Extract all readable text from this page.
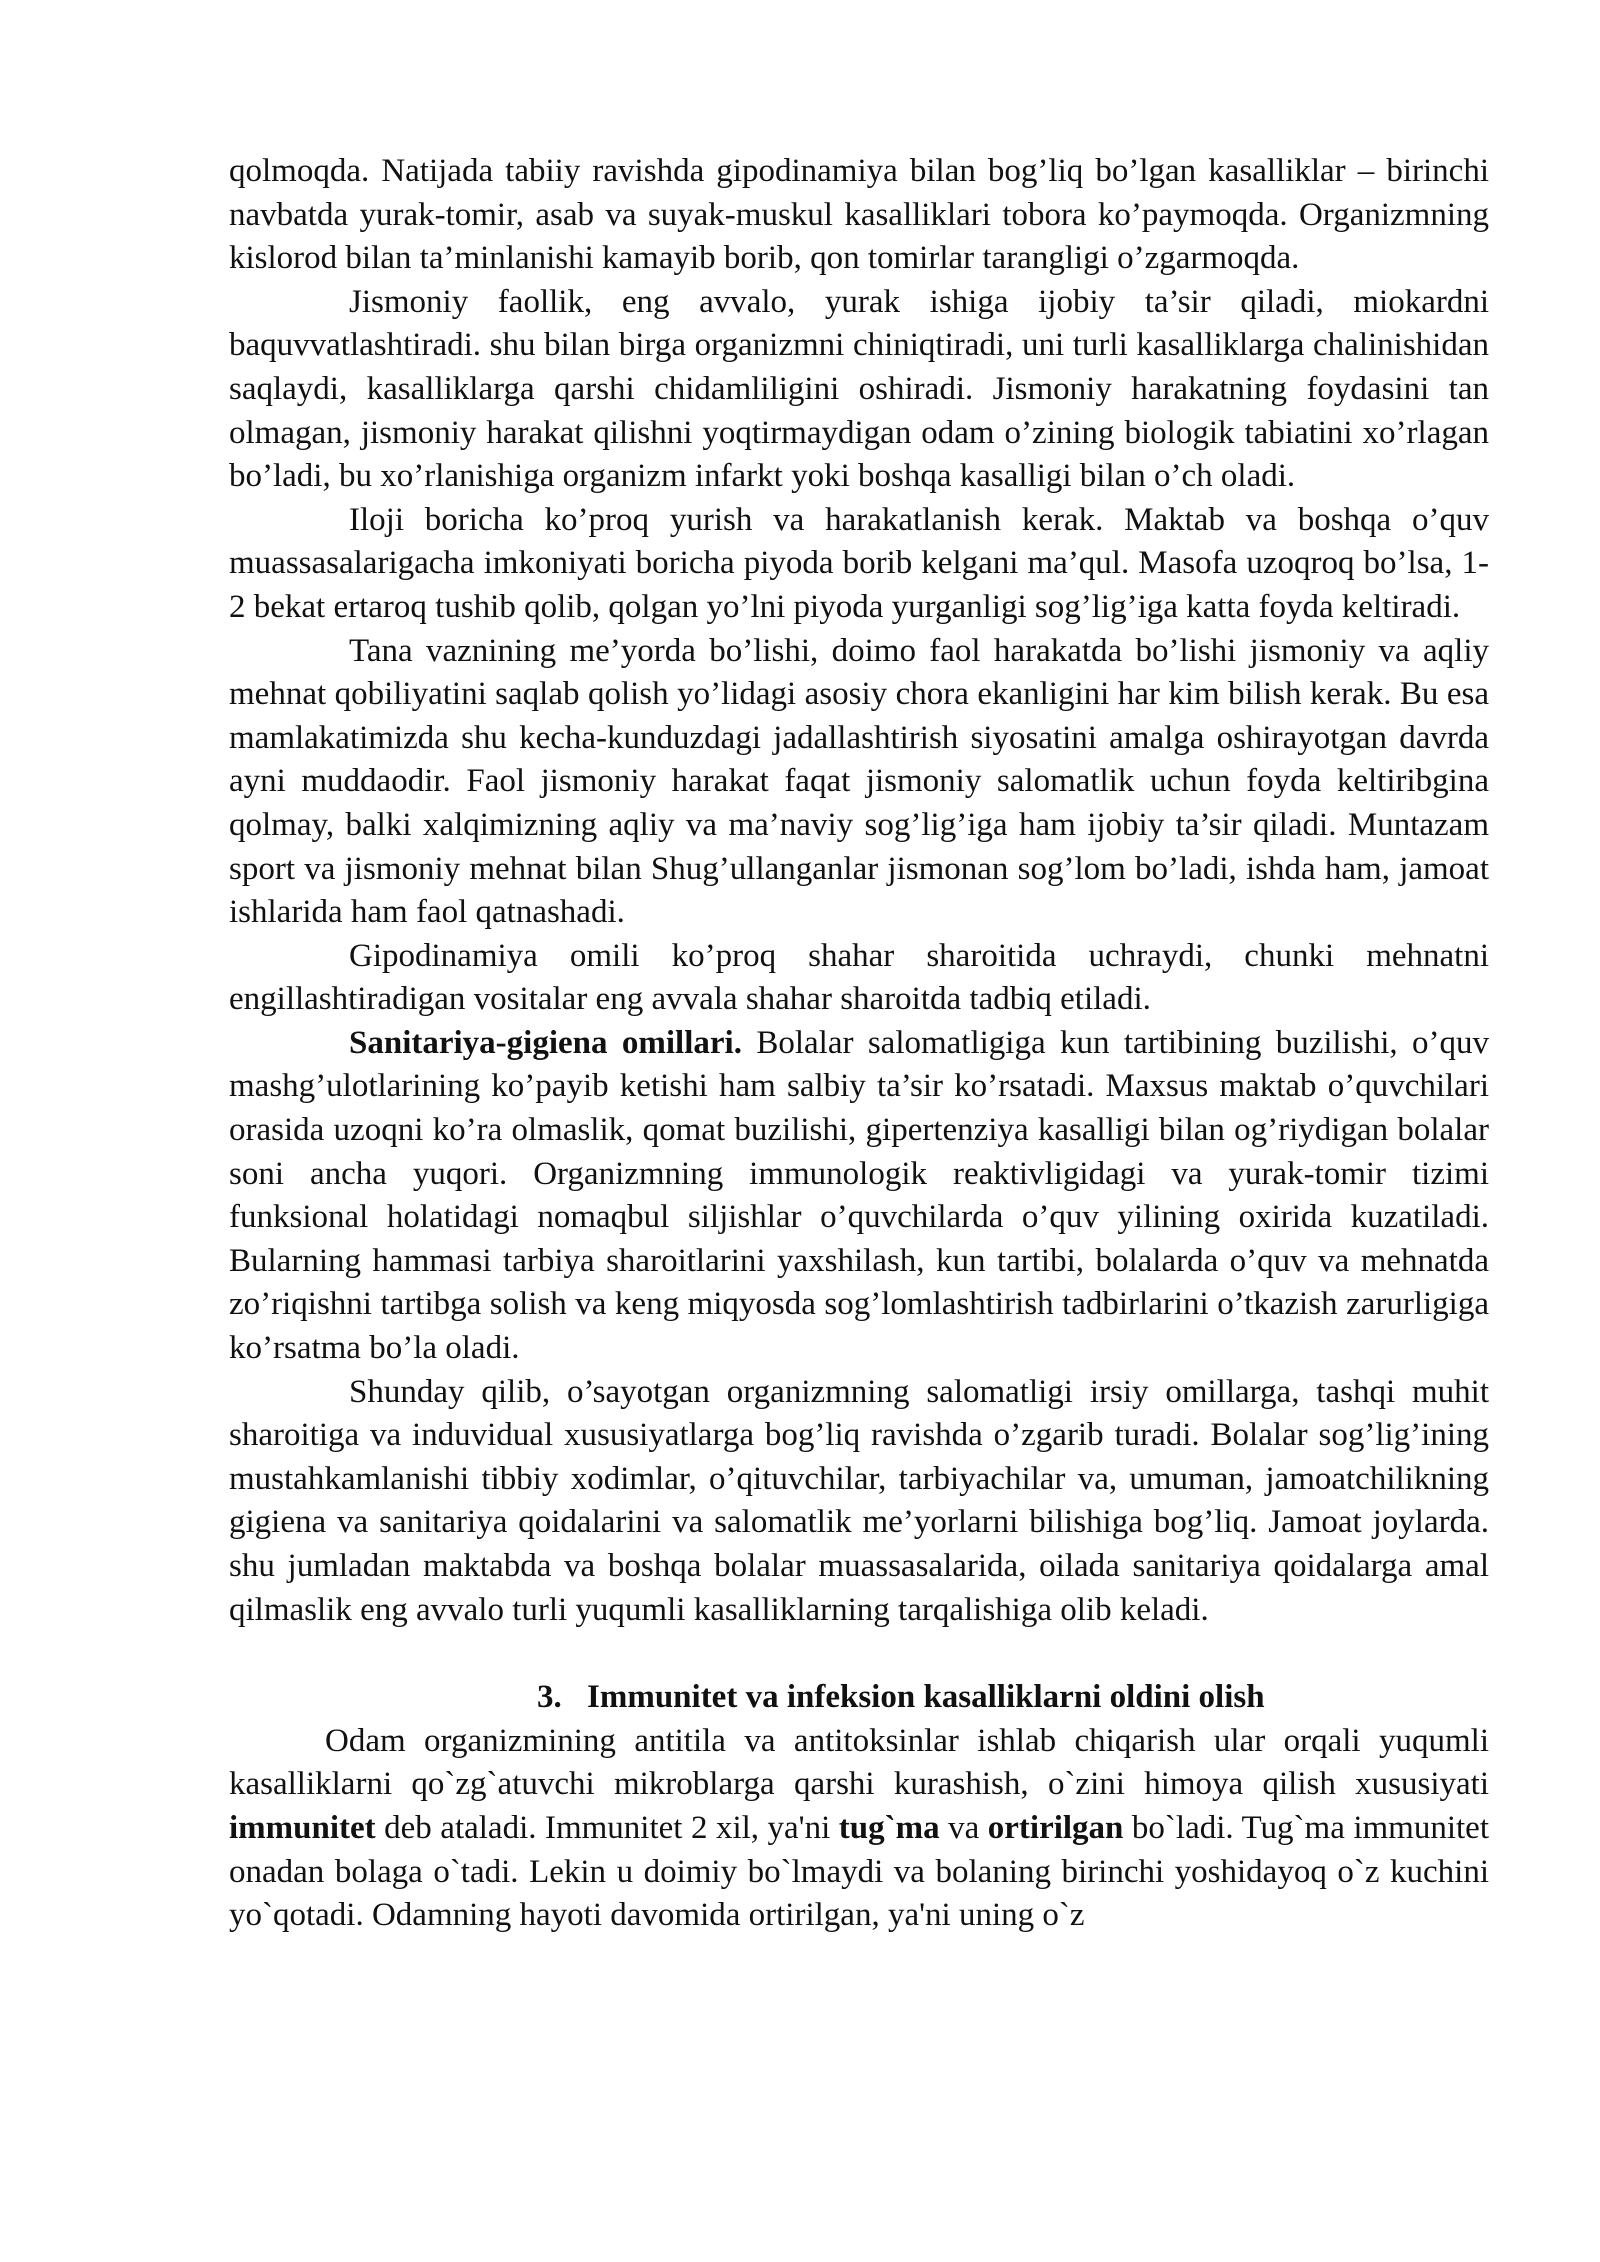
qolmoqda. Natijada tabiiy ravishda gipodinamiya bilan bog’liq bo’lgan kasalliklar – birinchi navbatda yurak-tomir, asab va suyak-muskul kasalliklari tobora ko’paymoqda. Organizmning kislorod bilan ta’minlanishi kamayib borib, qon tomirlar tarangligi o’zgarmoqda.

Jismoniy faollik, eng avvalo, yurak ishiga ijobiy ta’sir qiladi, miokardni baquvvatlashtiradi. shu bilan birga organizmni chiniqtiradi, uni turli kasalliklarga chalinishidan saqlaydi, kasalliklarga qarshi chidamliligini oshiradi. Jismoniy harakatning foydasini tan olmagan, jismoniy harakat qilishni yoqtirmaydigan odam o’zining biologik tabiatini xo’rlagan bo’ladi, bu xo’rlanishiga organizm infarkt yoki boshqa kasalligi bilan o’ch oladi.

Iloji boricha ko’proq yurish va harakatlanish kerak. Maktab va boshqa o’quv muassasalarigacha imkoniyati boricha piyoda borib kelgani ma’qul. Masofa uzoqroq bo’lsa, 1-2 bekat ertaroq tushib qolib, qolgan yo’lni piyoda yurganligi sog’lig’iga katta foyda keltiradi.

Tana vaznining me’yorda bo’lishi, doimo faol harakatda bo’lishi jismoniy va aqliy mehnat qobiliyatini saqlab qolish yo’lidagi asosiy chora ekanligini har kim bilish kerak. Bu esa mamlakatimizda shu kecha-kunduzdagi jadallashtirish siyosatini amalga oshirayotgan davrda ayni muddaodir. Faol jismoniy harakat faqat jismoniy salomatlik uchun foyda keltiribgina qolmay, balki xalqimizning aqliy va ma’naviy sog’lig’iga ham ijobiy ta’sir qiladi. Muntazam sport va jismoniy mehnat bilan Shug’ullanganlar jismonan sog’lom bo’ladi, ishda ham, jamoat ishlarida ham faol qatnashadi.

Gipodinamiya omili ko’proq shahar sharoitida uchraydi, chunki mehnatni engillashtiradigan vositalar eng avvala shahar sharoitda tadbiq etiladi.

Sanitariya-gigiena omillari. Bolalar salomatligiga kun tartibining buzilishi, o’quv mashg’ulotlarining ko’payib ketishi ham salbiy ta’sir ko’rsatadi. Maxsus maktab o’quvchilari orasida uzoqni ko’ra olmaslik, qomat buzilishi, gipertenziya kasalligi bilan og’riydigan bolalar soni ancha yuqori. Organizmning immunologik reaktivligidagi va yurak-tomir tizimi funksional holatidagi nomaqbul siljishlar o’quvchilarda o’quv yilining oxirida kuzatiladi. Bularning hammasi tarbiya sharoitlarini yaxshilash, kun tartibi, bolalarda o’quv va mehnatda zo’riqishni tartibga solish va keng miqyosda sog’lomlashtirish tadbirlarini o’tkazish zarurligiga ko’rsatma bo’la oladi.

Shunday qilib, o’sayotgan organizmning salomatligi irsiy omillarga, tashqi muhit sharoitiga va induvidual xususiyatlarga bog’liq ravishda o’zgarib turadi. Bolalar sog’lig’ining mustahkamlanishi tibbiy xodimlar, o’qituvchilar, tarbiyachilar va, umuman, jamoatchilikning gigiena va sanitariya qoidalarini va salomatlik me’yorlarni bilishiga bog’liq. Jamoat joylarda. shu jumladan maktabda va boshqa bolalar muassasalarida, oilada sanitariya qoidalarga amal qilmaslik eng avvalo turli yuqumli kasalliklarning tarqalishiga olib keladi.

3. Immunitet va infeksion kasalliklarni oldini olish

Odam organizmining antitila va antitoksinlar ishlab chiqarish ular orqali yuqumli kasalliklarni qo`zg`atuvchi mikroblarga qarshi kurashish, o`zini himoya qilish xususiyati immunitet deb ataladi. Immunitet 2 xil, ya'ni tug`ma va ortirilgan bo`ladi. Tug`ma immunitet onadan bolaga o`tadi. Lekin u doimiy bo`lmaydi va bolaning birinchi yoshidayoq o`z kuchini yo`qotadi. Odamning hayoti davomida ortirilgan, ya'ni uning o`z
